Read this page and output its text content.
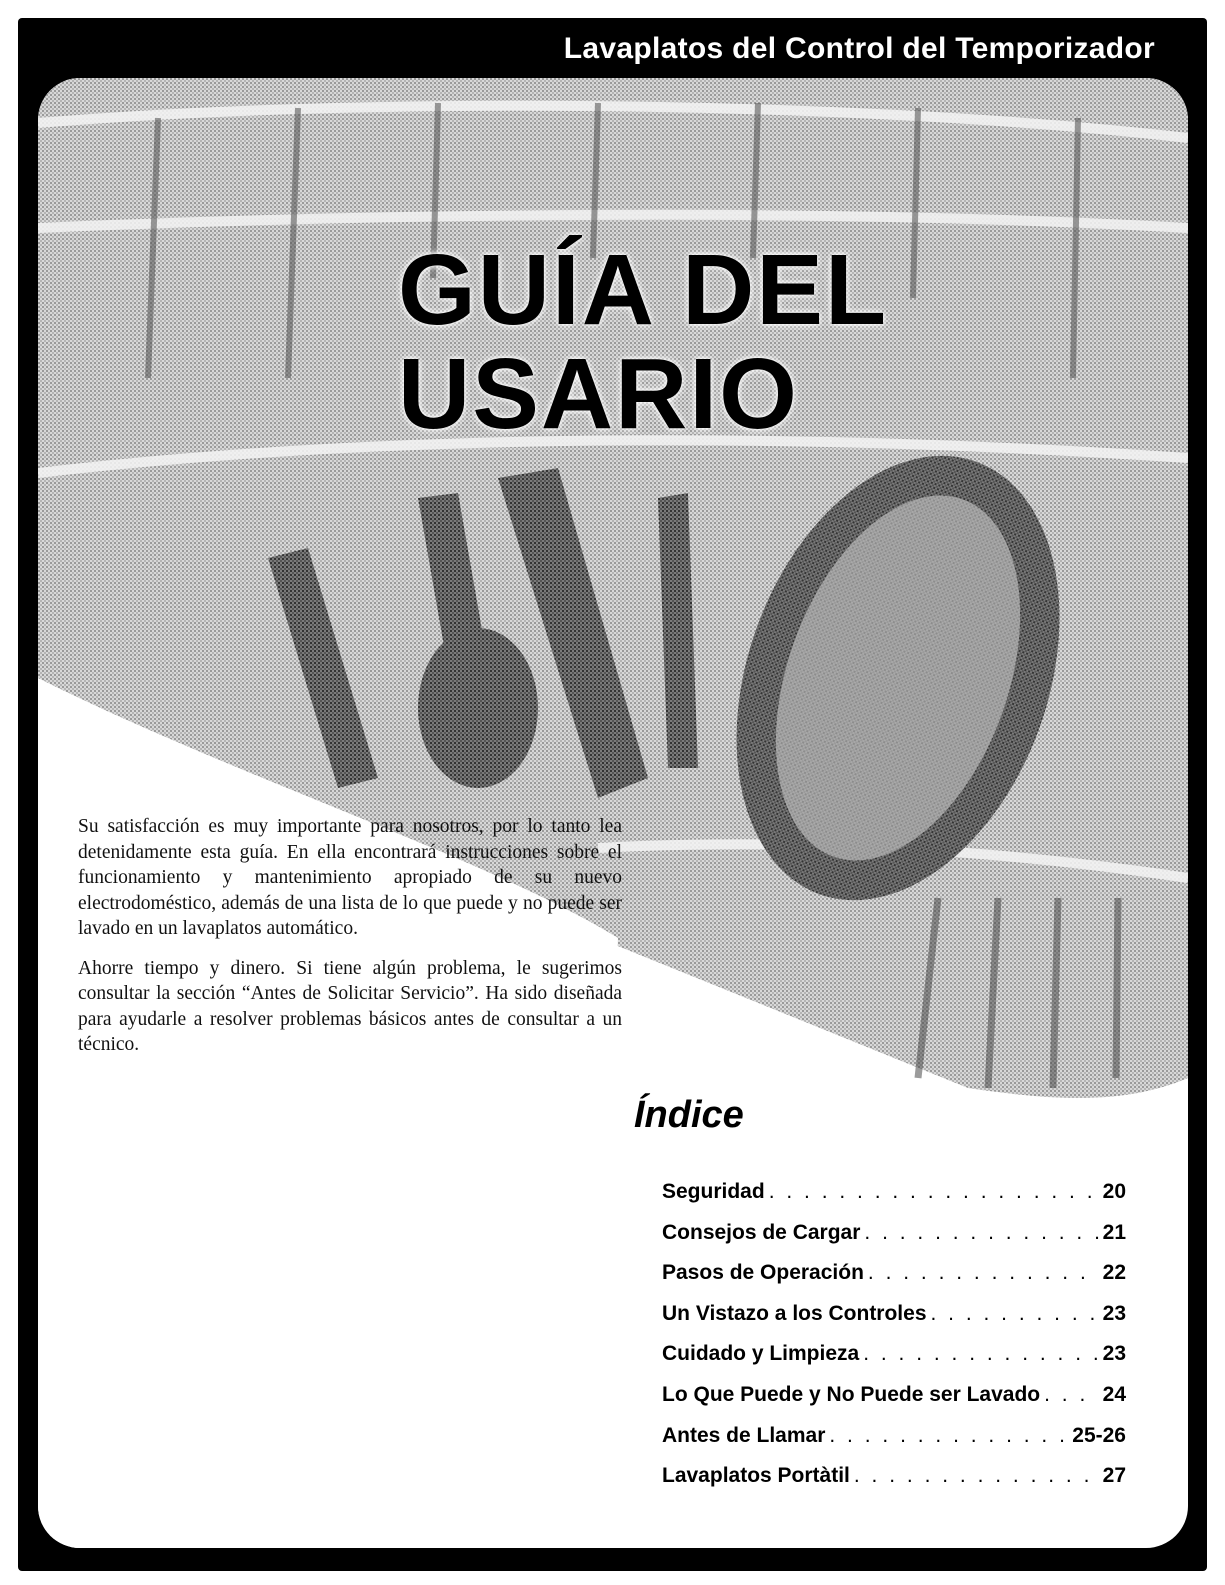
Lavaplatos del Control del Temporizador
GUÍA DEL
USARIO

Su satisfacción es muy importante para nosotros, por lo tanto lea detenidamente esta guía. En ella encontrará instrucciones sobre el funcionamiento y mantenimiento apropiado de su nuevo electrodoméstico, además de una lista de lo que puede y no puede ser lavado en un lavaplatos automático.

Ahorre tiempo y dinero. Si tiene algún problema, le sugerimos consultar la sección “Antes de Solicitar Servicio”. Ha sido diseñada para ayudarle a resolver problemas básicos antes de consultar a un técnico.

Índice
Seguridad . . .	20
Consejos de Cargar . . .	21
Pasos de Operación . . .	22
Un Vistazo a los Controles . . .	23
Cuidado y Limpieza . . .	23
Lo Que Puede y No Puede ser Lavado . . .	24
Antes de Llamar . . .	25-26
Lavaplatos Portàtil . . .	27
